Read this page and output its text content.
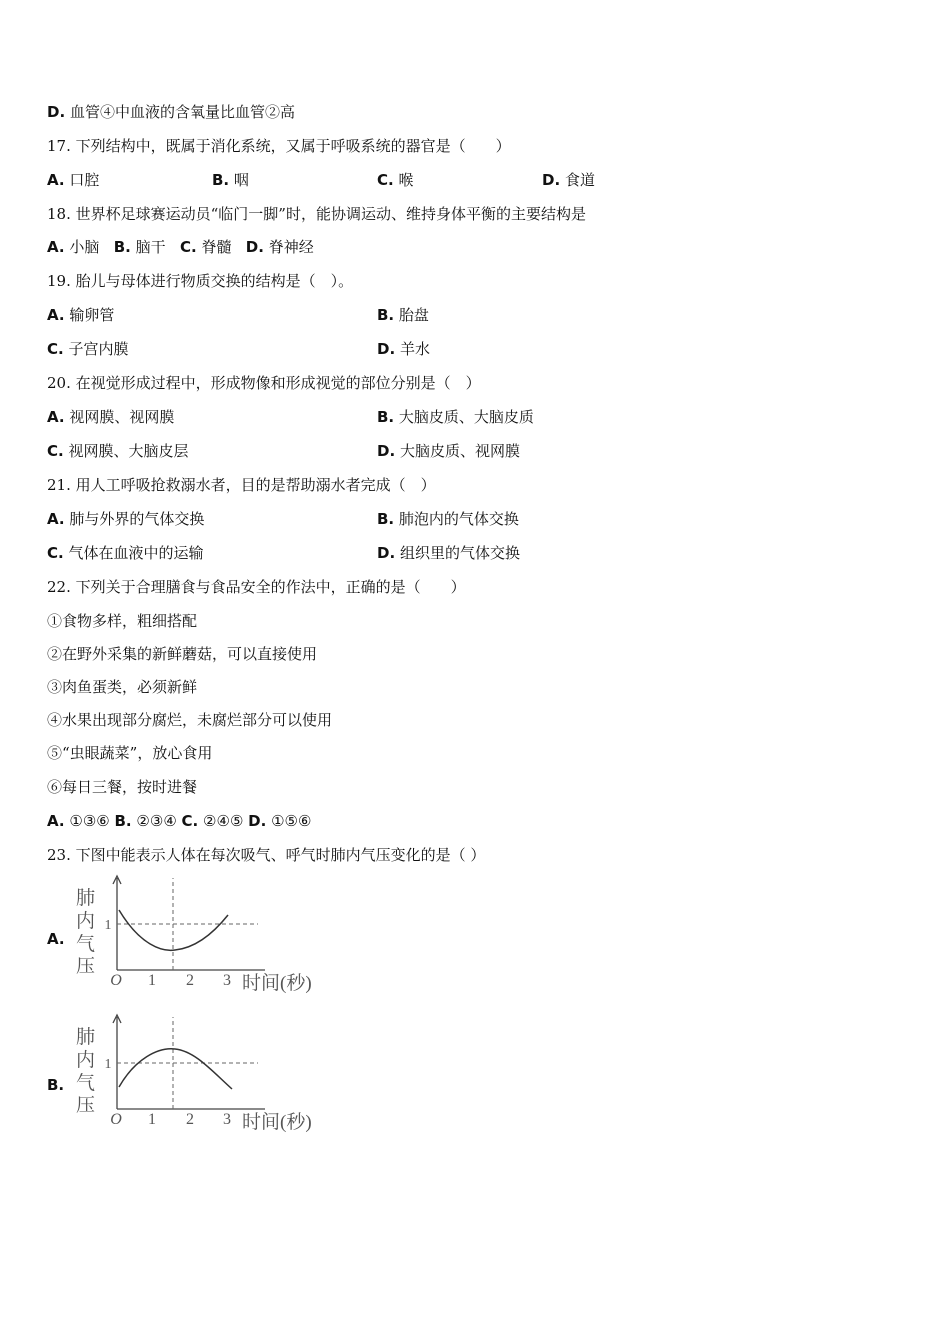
D. 血管④中血液的含氧量比血管②高
17. 下列结构中，既属于消化系统，又属于呼吸系统的器官是（　　）
A. 口腔	B. 咽	C. 喉	D. 食道
18. 世界杯足球赛运动员“临门一脚”时，能协调运动、维持身体平衡的主要结构是
A. 小脑 B. 脑干 C. 脊髓 D. 脊神经
19. 胎儿与母体进行物质交换的结构是（　）。
A. 输卵管	B. 胎盘
C. 子宫内膜	D. 羊水
20. 在视觉形成过程中，形成物像和形成视觉的部位分别是（　）
A. 视网膜、视网膜	B. 大脑皮质、大脑皮质
C. 视网膜、大脑皮层	D. 大脑皮质、视网膜
21. 用人工呼吸抢救溺水者，目的是帮助溺水者完成（　）
A. 肺与外界的气体交换	B. 肺泡内的气体交换
C. 气体在血液中的运输	D. 组织里的气体交换
22. 下列关于合理膳食与食品安全的作法中，正确的是（　　）
①食物多样，粗细搭配
②在野外采集的新鲜蘑菇，可以直接使用
③肉鱼蛋类，必须新鲜
④水果出现部分腐烂，未腐烂部分可以使用
⑤“虫眼蔬菜”，放心食用
⑥每日三餐，按时进餐
A. ①③⑥ B. ②③④ C. ②④⑤ D. ①⑤⑥
23. 下图中能表示人体在每次吸气、呼气时肺内气压变化的是（ ）
A.
肺
内
气
压
1
O 1 2 3 时间(秒)
B.
肺
内
气
压
1
O 1 2 3 时间(秒)
